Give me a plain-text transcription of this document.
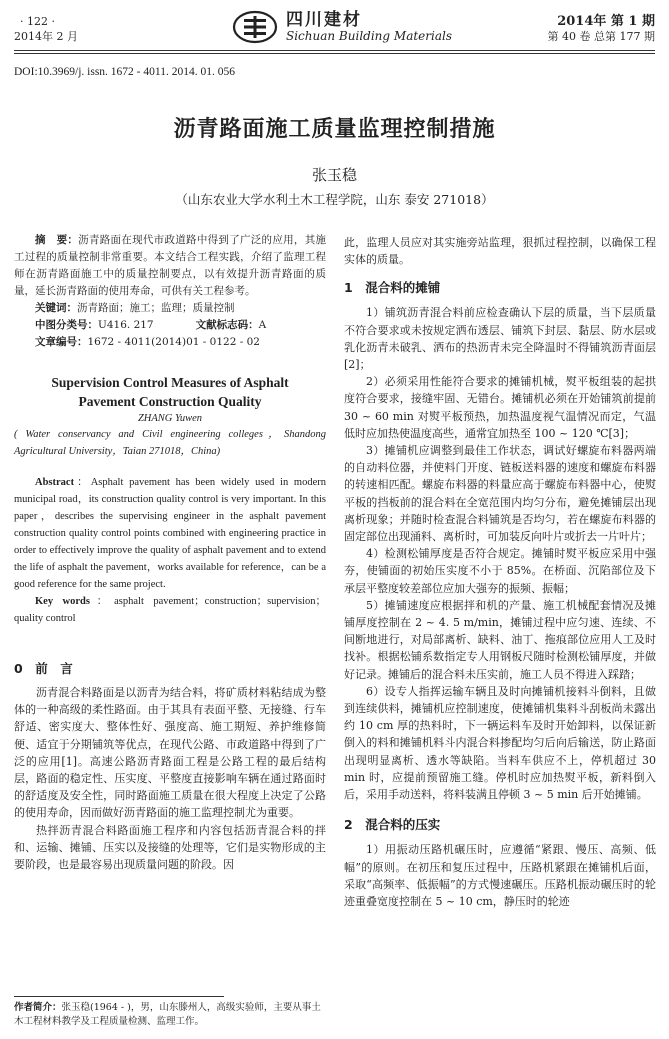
· 122 ·
2014年 2 月
四川建材
Sichuan Building Materials
2014年 第 1 期
第 40 卷 总第 177 期
DOI:10.3969/j. issn. 1672 - 4011. 2014. 01. 056
沥青路面施工质量监理控制措施
张玉稳
（山东农业大学水利土木工程学院，山东 泰安 271018）

摘　要：沥青路面在现代市政道路中得到了广泛的应用，其施工过程的质量控制非常重要。本文结合工程实践，介绍了监理工程师在沥青路面施工中的质量控制要点，以有效提升沥青路面的质量，延长沥青路面的使用寿命，可供有关工程参考。

关键词：沥青路面；施工；监理；质量控制

中图分类号：U416. 217	文献标志码：A

文章编号：1672 - 4011(2014)01 - 0122 - 02

Supervision Control Measures of Asphalt
Pavement Construction Quality
ZHANG Yuwen
( Water conservancy and Civil engineering colleges，Shandong Agricultural University，Taian 271018，China)

Abstract：Asphalt pavement has been widely used in modern municipal road，its construction quality control is very important. In this paper，describes the supervising engineer in the asphalt pavement construction quality control points combined with engineering practice in order to effectively improve the quality of asphalt pavement and to extend the life of asphalt the pavement，works available for reference，can be a good reference for the same project.

Key words：asphalt pavement；construction；supervision；quality control

0　前　言

沥青混合料路面是以沥青为结合料，将矿质材料粘结成为整体的一种高级的柔性路面。由于其具有表面平整、无接缝、行车舒适、密实度大、整体性好、强度高、施工期短、养护维修简便、适宜于分期铺筑等优点，在现代公路、市政道路中得到了广泛的应用[1]。高速公路沥青路面工程是公路工程的最后结构层，路面的稳定性、压实度、平整度直接影响车辆在通过路面时的舒适度及安全性，同时路面施工质量在很大程度上决定了公路的使用寿命，因而做好沥青路面的施工监理控制尤为重要。

热拌沥青混合料路面施工程序和内容包括沥青混合料的拌和、运输、摊铺、压实以及接缝的处理等，它们是实物形成的主要阶段，也是最容易出现质量问题的阶段。因

作者简介：张玉稳(1964 - )，男，山东滕州人，高级实验师，主要从事土木工程材料教学及工程质量检测、监理工作。

此，监理人员应对其实施旁站监理，狠抓过程控制，以确保工程实体的质量。

1　混合料的摊铺

1）铺筑沥青混合料前应检查确认下层的质量，当下层质量不符合要求或未按规定洒布透层、铺筑下封层、黏层、防水层或乳化沥青未破乳、洒布的热沥青未完全降温时不得铺筑沥青面层[2]；

2）必须采用性能符合要求的摊铺机械，熨平板组装的起拱度符合要求，接缝牢固、无错台。摊铺机必须在开始铺筑前提前 30 ~ 60 min 对熨平板预热，加热温度视气温情况而定，气温低时应加热使温度高些，通常宜加热至 100 ~ 120 ℃[3]；

3）摊铺机应调整到最佳工作状态，调试好螺旋布料器两端的自动料位器，并使料门开度、链板送料器的速度和螺旋布料器的转速相匹配。螺旋布料器的料量应高于螺旋布料器中心，使熨平板的挡板前的混合料在全宽范围内均匀分布，避免摊铺层出现离析现象；并随时检查混合料铺筑是否均匀，若在螺旋布料器的固定部位出现涌料、离析时，可加装反向叶片或折去一片叶片；

4）检测松铺厚度是否符合规定。摊铺时熨平板应采用中强夯，使铺面的初始压实度不小于 85%。在桥面、沉陷部位及下承层平整度较差部位应加大强夯的振频、振幅；

5）摊铺速度应根据拌和机的产量、施工机械配套情况及摊铺厚度控制在 2 ~ 4. 5 m/min，摊铺过程中应匀速、连续、不间断地进行，对局部离析、缺料、油丁、拖痕部位应用人工及时找补。根据松铺系数指定专人用钢板尺随时检测松铺厚度，并做好记录。摊铺后的混合料未压实前，施工人员不得进入踩踏；

6）设专人指挥运输车辆且及时向摊铺机接料斗倒料，且做到连续供料，摊铺机应控制速度，使摊铺机集料斗刮板尚未露出约 10 cm 厚的热料时，下一辆运料车及时开始卸料，以保证新倒入的料和摊铺机料斗内混合料掺配均匀后向后输送，防止路面出现明显离析、透水等缺陷。当料车供应不上，停机超过 30 min 时，应提前预留施工缝。停机时应加热熨平板，新料倒入后，采用手动送料，将料装满且停顿 3 ~ 5 min 后开始摊铺。

2　混合料的压实

1）用振动压路机碾压时，应遵循“紧跟、慢压、高频、低幅”的原则。在初压和复压过程中，压路机紧跟在摊铺机后面，采取“高频率、低振幅”的方式慢速碾压。压路机振动碾压时的轮迹重叠宽度控制在 5 ~ 10 cm，静压时的轮迹
